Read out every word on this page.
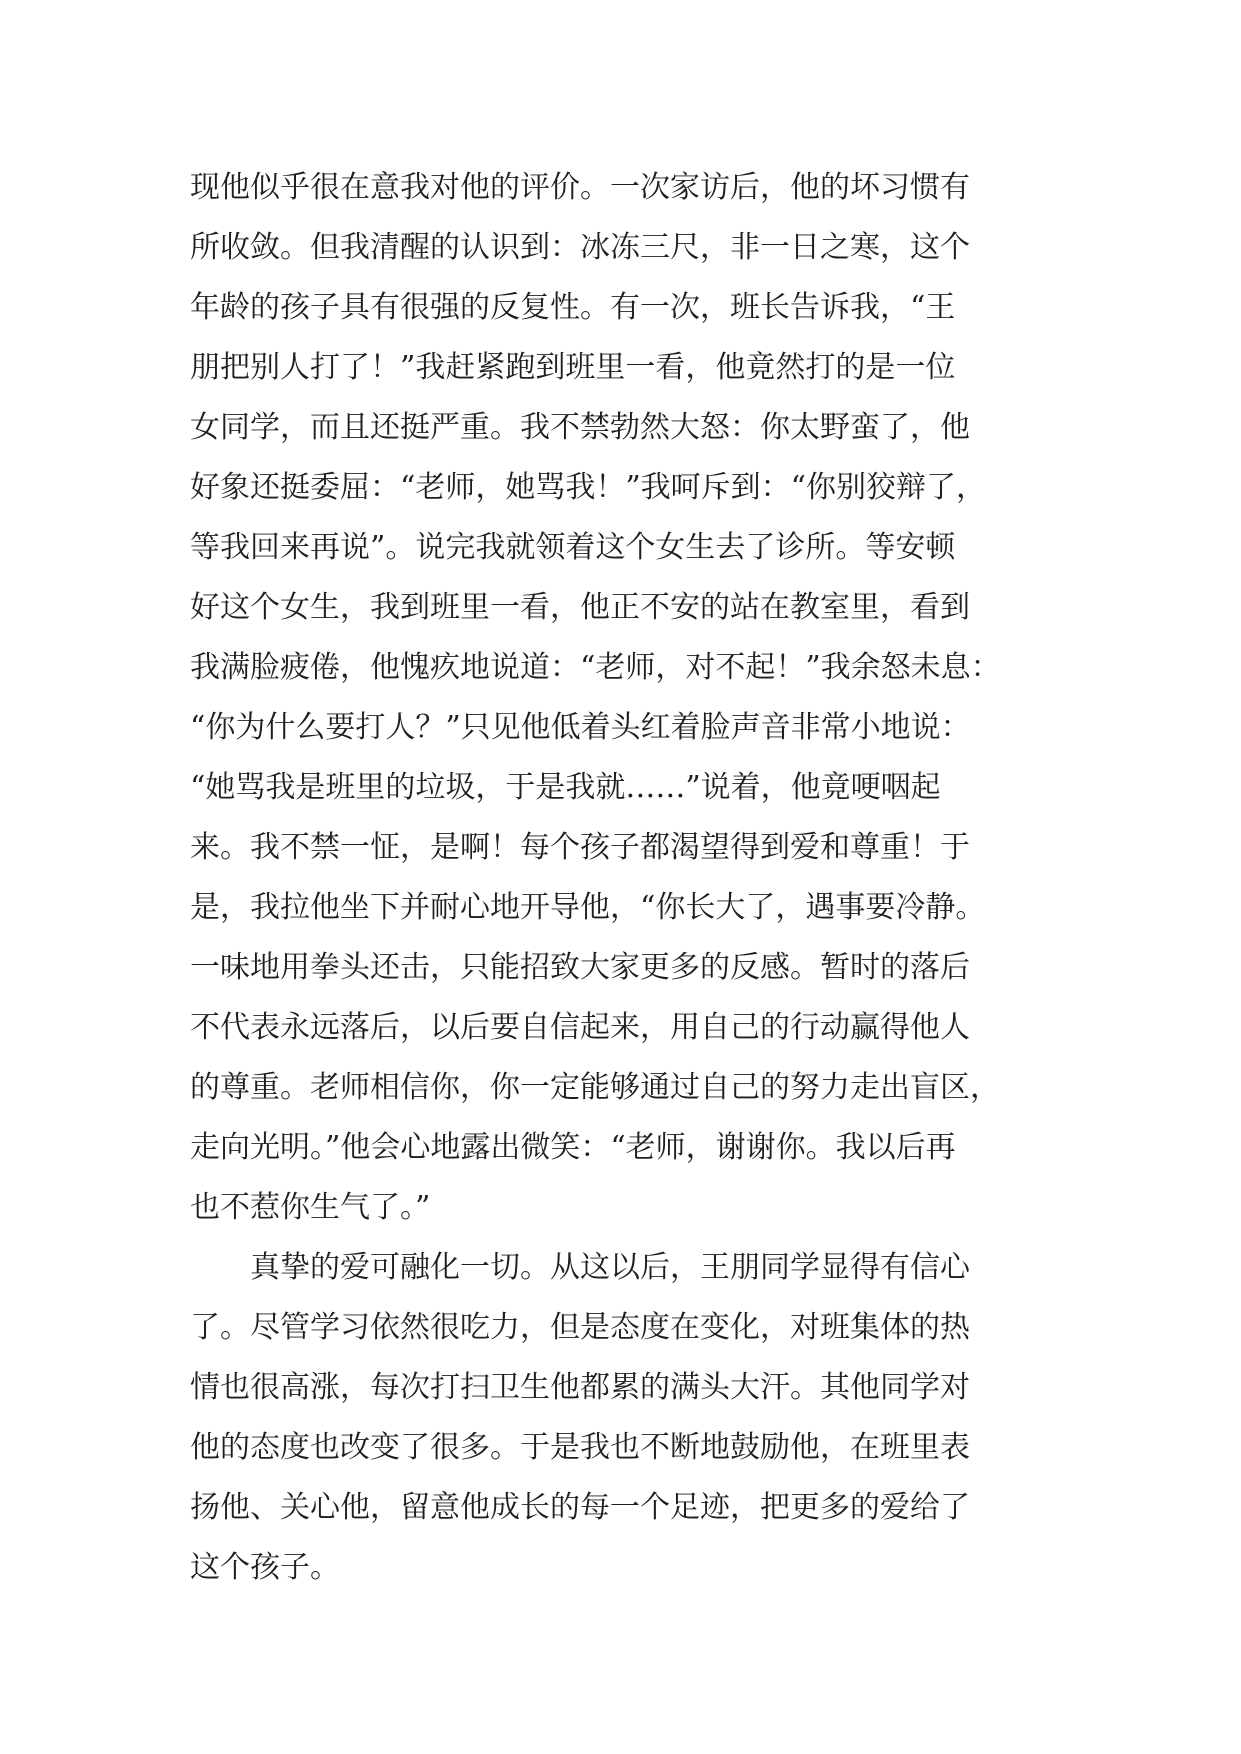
现他似乎很在意我对他的评价。一次家访后，他的坏习惯有
所收敛。但我清醒的认识到：冰冻三尺，非一日之寒，这个
年龄的孩子具有很强的反复性。有一次，班长告诉我，“王
朋把别人打了！”我赶紧跑到班里一看，他竟然打的是一位
女同学，而且还挺严重。我不禁勃然大怒：你太野蛮了，他
好象还挺委屈：“老师，她骂我！”我呵斥到：“你别狡辩了，
等我回来再说”。说完我就领着这个女生去了诊所。等安顿
好这个女生，我到班里一看，他正不安的站在教室里，看到
我满脸疲倦，他愧疚地说道：“老师，对不起！”我余怒未息：
“你为什么要打人？”只见他低着头红着脸声音非常小地说：
“她骂我是班里的垃圾，于是我就……”说着，他竟哽咽起
来。我不禁一怔，是啊！每个孩子都渴望得到爱和尊重！于
是，我拉他坐下并耐心地开导他，“你长大了，遇事要冷静。
一味地用拳头还击，只能招致大家更多的反感。暂时的落后
不代表永远落后，以后要自信起来，用自己的行动赢得他人
的尊重。老师相信你，你一定能够通过自己的努力走出盲区，
走向光明。”他会心地露出微笑：“老师，谢谢你。我以后再
也不惹你生气了。”
　　真挚的爱可融化一切。从这以后，王朋同学显得有信心
了。尽管学习依然很吃力，但是态度在变化，对班集体的热
情也很高涨，每次打扫卫生他都累的满头大汗。其他同学对
他的态度也改变了很多。于是我也不断地鼓励他，在班里表
扬他、关心他，留意他成长的每一个足迹，把更多的爱给了
这个孩子。
